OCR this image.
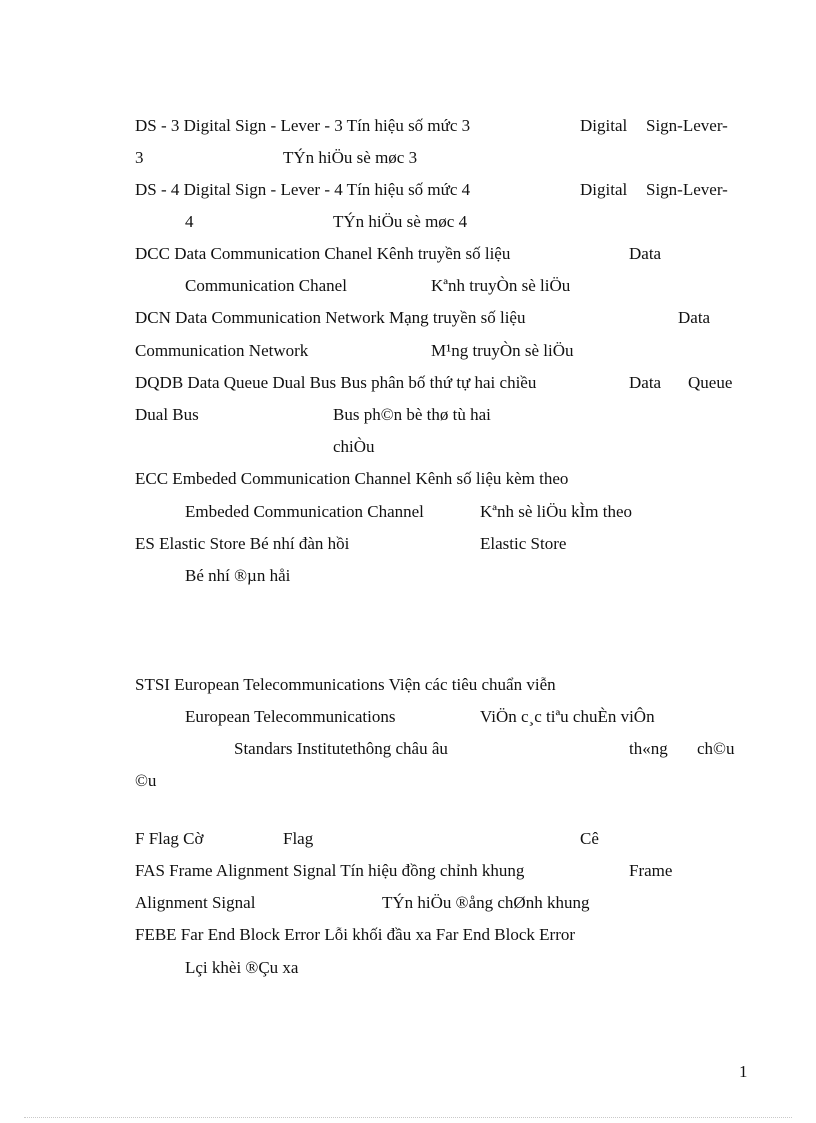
DS - 3 Digital Sign - Lever - 3 Tín hiệu số mức 3	Digital Sign-Lever-
3	TÝn hiÖu sè møc 3
DS - 4 Digital Sign - Lever - 4 Tín hiệu số mức 4	Digital Sign-Lever-
4	TÝn hiÖu sè møc 4
DCC Data Communication Chanel Kênh truyền số liệu	Data
Communication Chanel	Kªnh truyÒn sè liÖu
DCN Data Communication Network Mạng truyền số liệu	Data
Communication Network	M¹ng truyÒn sè liÖu
DQDB Data Queue Dual Bus Bus phân bố thứ tự hai chiều	Data Queue
Dual Bus	Bus ph©n bè thø tù hai
chiÒu
ECC Embeded Communication Channel Kênh số liệu kèm theo
Embeded Communication Channel	Kªnh sè liÖu kÌm theo
ES Elastic Store Bé nhí đàn hồi	Elastic Store
Bé nhí ®µn håi
STSI European Telecommunications Viện các tiêu chuẩn viễn
European Telecommunications	ViÖn c¸c tiªu chuÈn viÔn
Standars Institutethông châu âu	th«ng ch©u
©u
F Flag Cờ	Flag	Cê
FAS Frame Alignment Signal Tín hiệu đồng chỉnh khung	Frame
Alignment Signal	TÝn hiÖu ®ång chØnh khung
FEBE Far End Block Error Lỗi khối đầu xa Far End Block Error
Lçi khèi ®Çu xa
1
